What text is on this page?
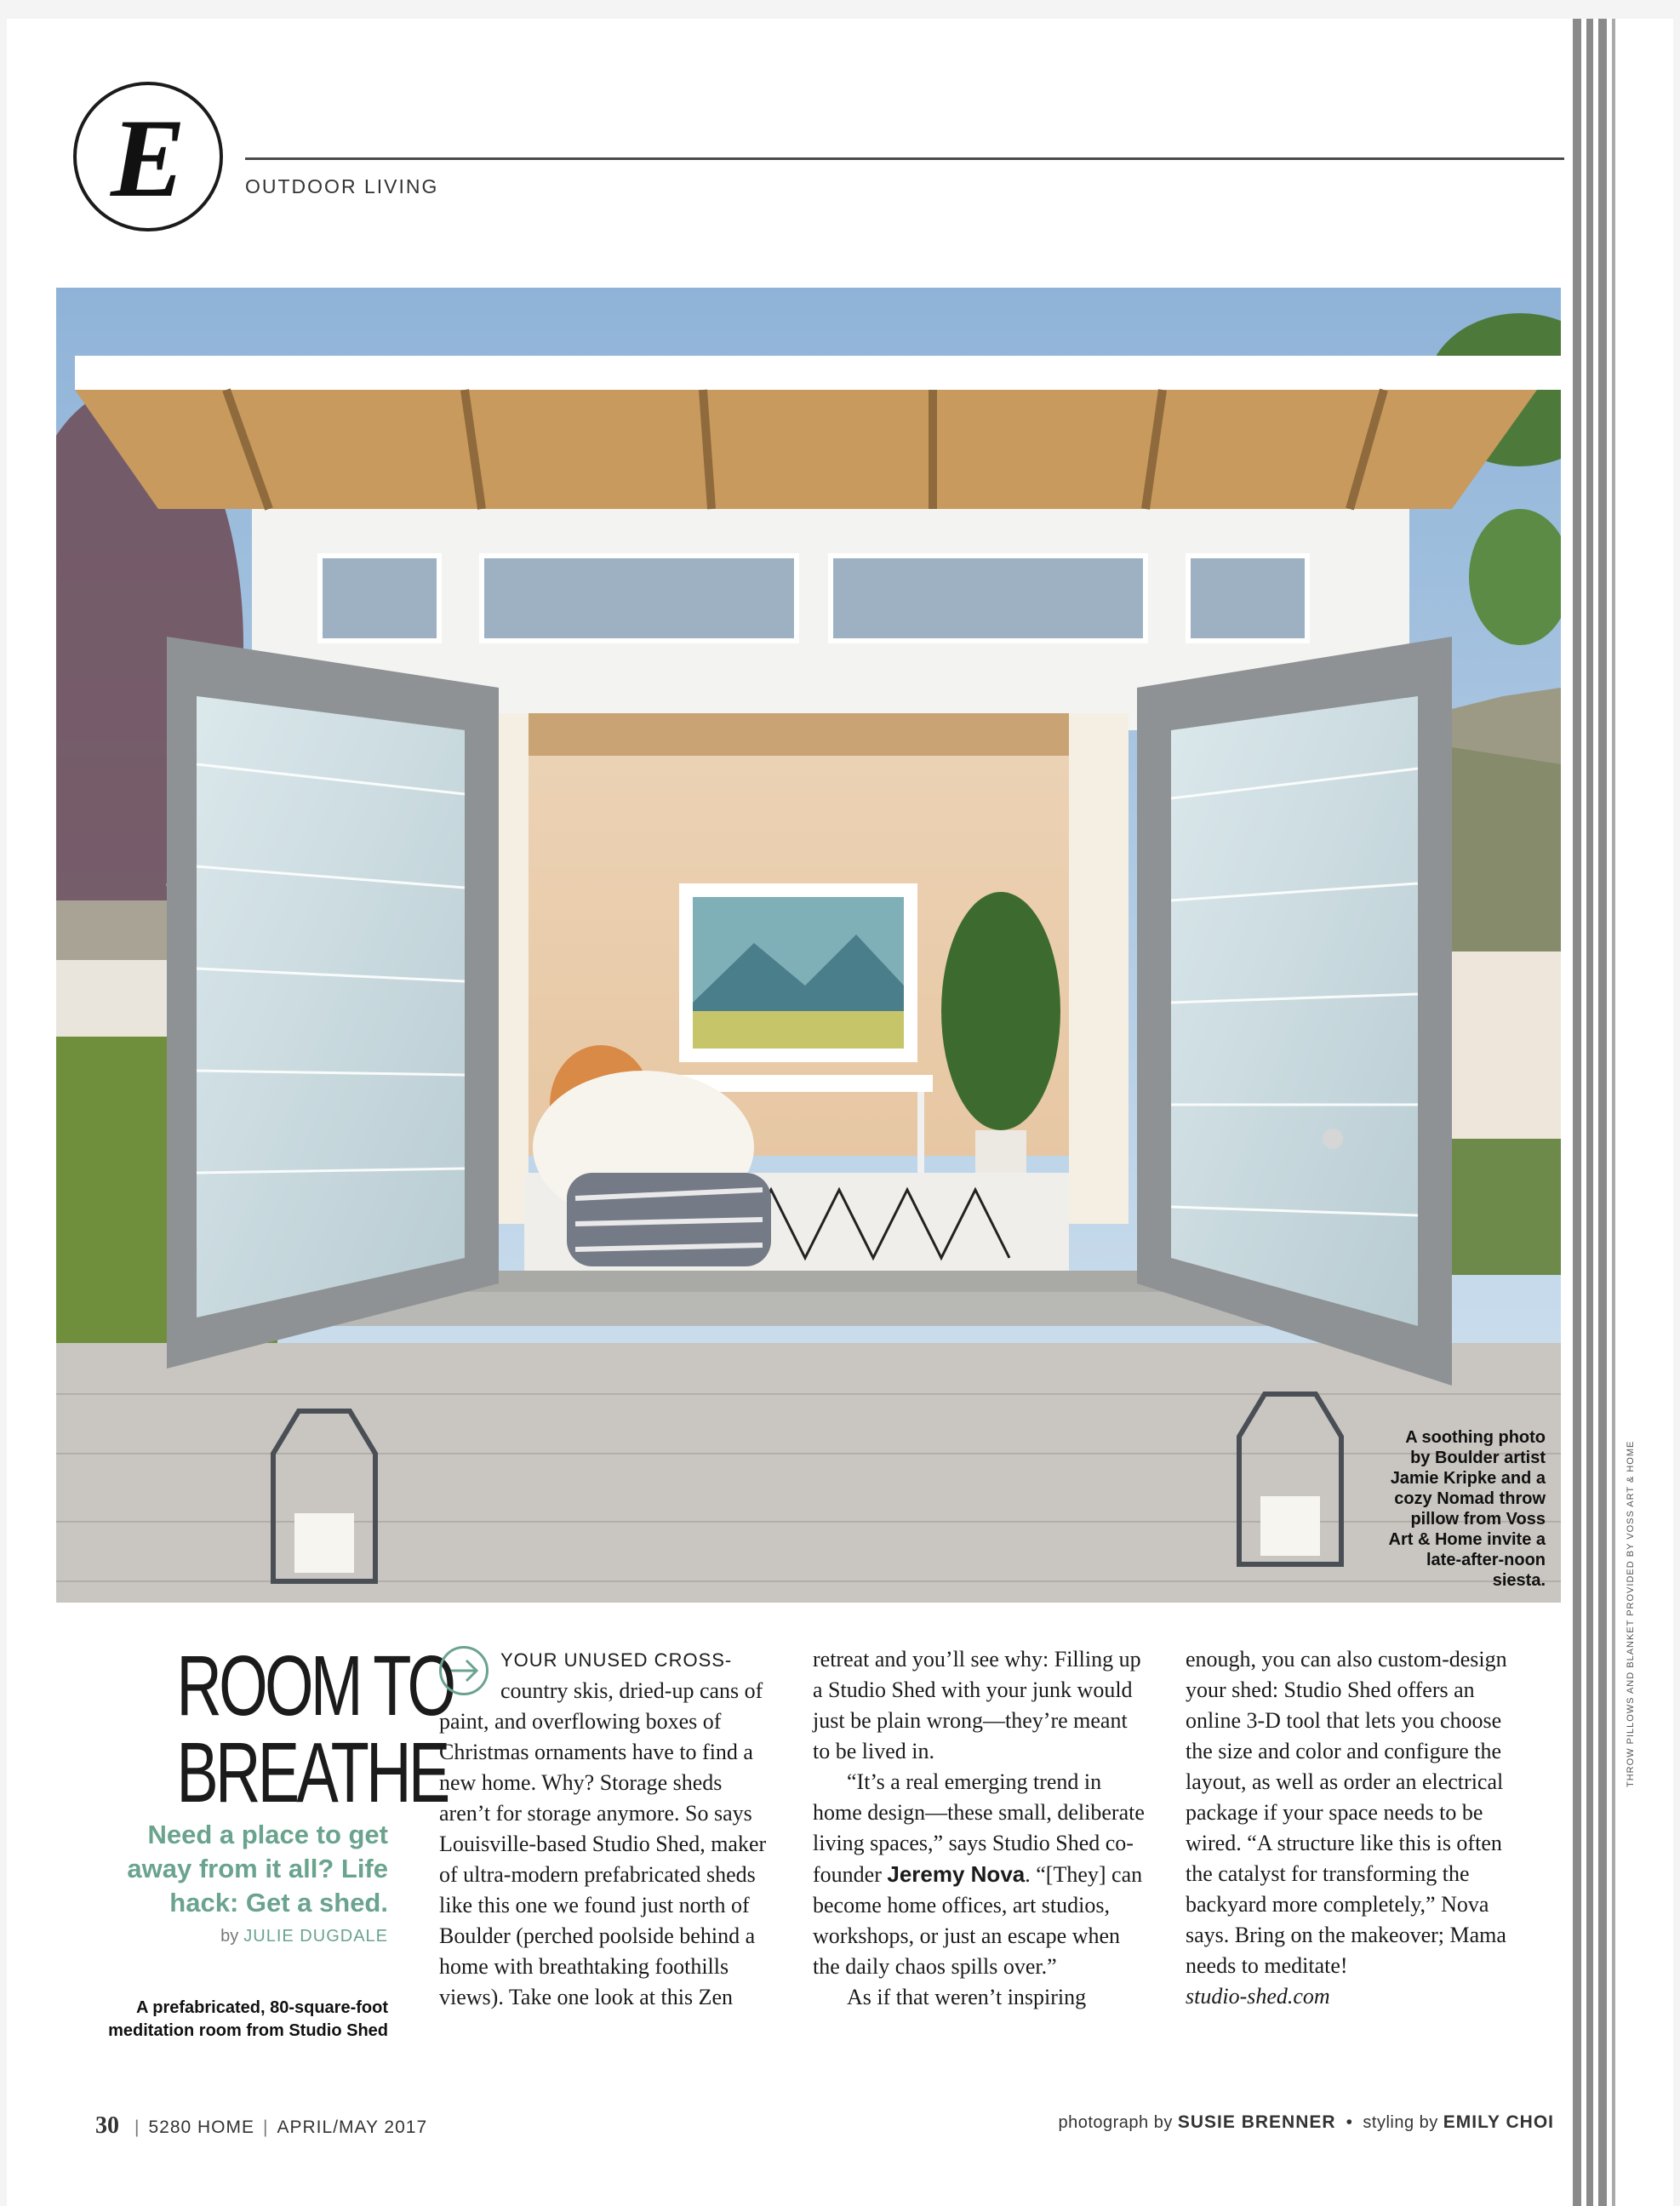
E	OUTDOOR LIVING
A soothing photo by Boulder artist Jamie Kripke and a cozy Nomad throw pillow from Voss Art & Home invite a late-after-noon siesta.
ROOM TO
BREATHE
Need a place to get away from it all? Life hack: Get a shed.
by JULIE DUGDALE
A prefabricated, 80-square-foot meditation room from Studio Shed

YOUR UNUSED CROSS- country skis, dried-up cans of paint, and overflowing boxes of Christmas ornaments have to find a new home. Why? Storage sheds aren’t for storage anymore. So says Louisville-based Studio Shed, maker of ultra-modern prefabricated sheds like this one we found just north of Boulder (perched poolside behind a home with breathtaking foothills views). Take one look at this Zen

retreat and you’ll see why: Filling up a Studio Shed with your junk would just be plain wrong—they’re meant to be lived in.

“It’s a real emerging trend in home design—these small, deliberate living spaces,” says Studio Shed co-founder Jeremy Nova. “[They] can become home offices, art studios, workshops, or just an escape when the daily chaos spills over.”

As if that weren’t inspiring

enough, you can also custom-design your shed: Studio Shed offers an online 3-D tool that lets you choose the size and color and configure the layout, as well as order an electrical package if your space needs to be wired. “A structure like this is often the catalyst for transforming the backyard more completely,” Nova says. Bring on the makeover; Mama needs to meditate!

studio-shed.com

THROW PILLOWS AND BLANKET PROVIDED BY VOSS ART & HOME
30 | 5280 HOME | APRIL/MAY 2017	photograph by SUSIE BRENNER • styling by EMILY CHOI
